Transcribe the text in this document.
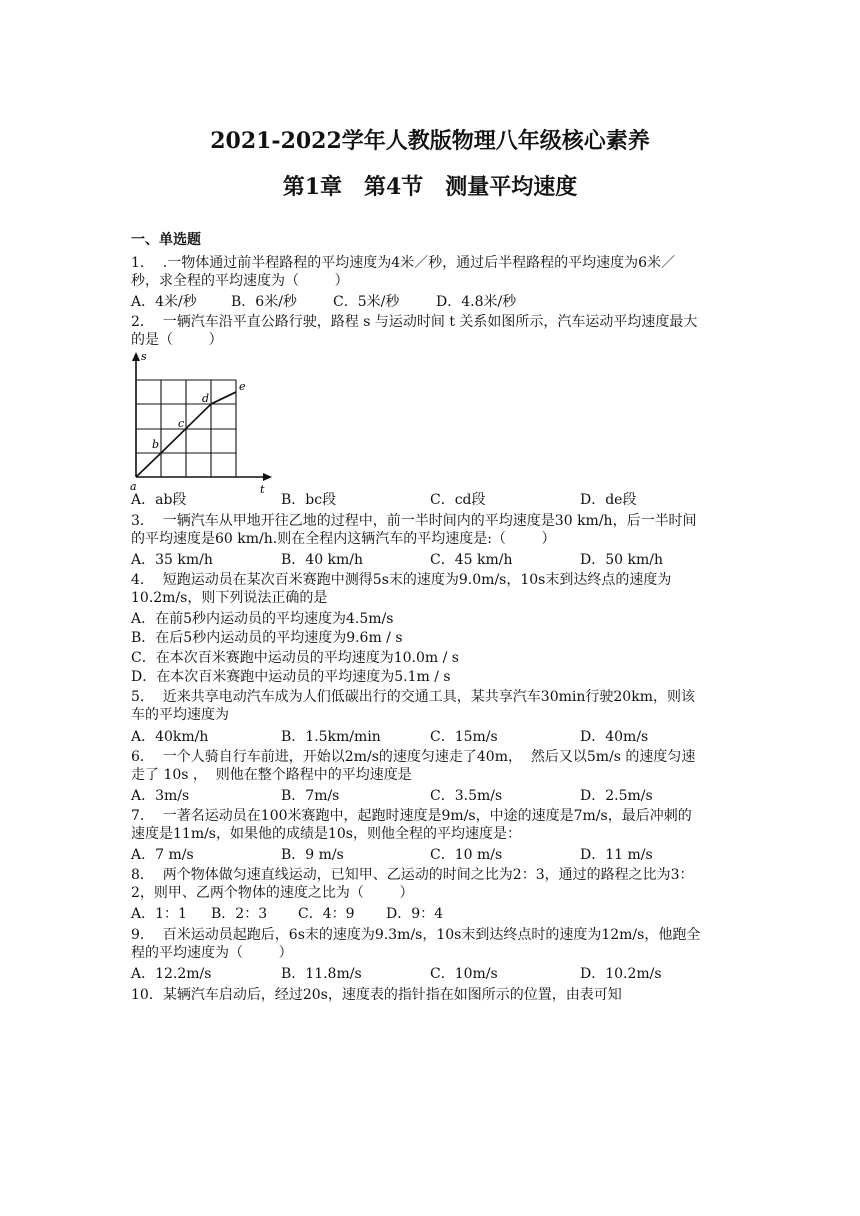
2021-2022学年人教版物理八年级核心素养
第1章　第4节　测量平均速度
一、单选题
1．  .一物体通过前半程路程的平均速度为4米／秒，通过后半程路程的平均速度为6米／
秒，求全程的平均速度为（        ）
A．4米/秒 B．6米/秒	C．5米/秒	D．4.8米/秒
2．  一辆汽车沿平直公路行驶，路程 s 与运动时间 t 关系如图所示，汽车运动平均速度最大
的是（        ）
s
t
a
b
c
d
e
A．ab段	B．bc段	C．cd段	D．de段
3．  一辆汽车从甲地开往乙地的过程中，前一半时间内的平均速度是30 km/h，后一半时间
的平均速度是60 km/h.则在全程内这辆汽车的平均速度是:（        ）
A．35 km/h	B．40 km/h	C．45 km/h	D．50 km/h
4．  短跑运动员在某次百米赛跑中测得5s末的速度为9.0m/s，10s末到达终点的速度为
10.2m/s，则下列说法正确的是
A．在前5秒内运动员的平均速度为4.5m/s
B．在后5秒内运动员的平均速度为9.6m / s
C．在本次百米赛跑中运动员的平均速度为10.0m / s
D．在本次百米赛跑中运动员的平均速度为5.1m / s
5．  近来共享电动汽车成为人们低碳出行的交通工具，某共享汽车30min行驶20km，则该
车的平均速度为
A．40km/h	B．1.5km/min	C．15m/s	D．40m/s
6．  一个人骑自行车前进，开始以2m/s的速度匀速走了40m，  然后又以5m/s 的速度匀速
走了 10s ，  则他在整个路程中的平均速度是
A．3m/s	B．7m/s	C．3.5m/s	D．2.5m/s
7．  一著名运动员在100米赛跑中，起跑时速度是9m/s，中途的速度是7m/s，最后冲刺的
速度是11m/s，如果他的成绩是10s，则他全程的平均速度是：
A．7 m/s	B．9 m/s	C．10 m/s	D．11 m/s
8．  两个物体做匀速直线运动，已知甲、乙运动的时间之比为2：3，通过的路程之比为3：
2，则甲、乙两个物体的速度之比为（        ）
A．1：1 B．2：3 C．4：9 D．9：4
9．  百米运动员起跑后，6s末的速度为9.3m/s，10s末到达终点时的速度为12m/s，他跑全
程的平均速度为（        ）
A．12.2m/s	B．11.8m/s	C．10m/s	D．10.2m/s
10．某辆汽车启动后，经过20s，速度表的指针指在如图所示的位置，由表可知
